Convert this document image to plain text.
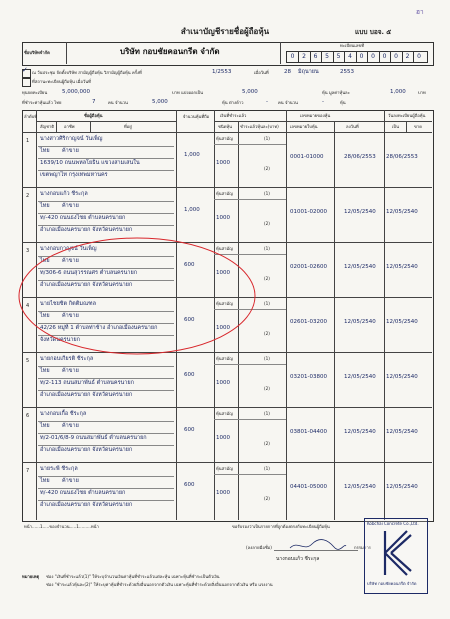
ฮา
สำเนาบัญชีรายชื่อผู้ถือหุ้น	แบบ บอจ. ๕
ชื่อบริษัทจำกัด	บริษัท กอบชัยคอนกรีต จำกัด
ทะเบียนเลขที่
0	2	6	5	5	4	0	0	0	0	2	0
✓ ณ วันประชุม จัดตั้งบริษัท สามัญผู้ถือหุ้น วิสามัญผู้ถือหุ้น ครั้งที่	1/2553	เมื่อวันที่	28 มิถุนายน	2553
ที่สถานะทะเบียนผู้ถือหุ้น เมื่อวันที่
ทุนจดทะเบียน	5,000,000	บาท แบ่งออกเป็น	5,000	หุ้น มูลค่าหุ้นละ	1,000	บาท
ที่ชำระค่าหุ้นแล้ว ไทย	7	คน จำนวน	5,000	หุ้น ต่างด้าว	- คน จำนวน	-	หุ้น
ลำดับที่	ชื่อผู้ถือหุ้น
สัญชาติ อาชีพ	ที่อยู่
จำนวนหุ้นที่ถือ	เงินที่ชำระแล้ว
ชนิดหุ้น ชำระแล้วหุ้นละ(บาท)
เลขหมายของหุ้น
เลขหมายใบหุ้น	ลงวันที่
วันลงทะเบียนผู้ถือหุ้น
เป็น	ขาด
1 นางสาวศิริกาญจน์ วันเพ็ญ
ไทย ค้าขาย
1639/10 ถนนพหลโยธิน แขวงสามเสนใน
เขตพญาไท กรุงเทพมหานคร
1,000
หุ้นสามัญ
1000
0001-01000	28/06/2553 28/06/2553
(1)
(2)
2 นางกอบแก้ว ชีระกุล
ไทย ค้าขาย
ท/-420 ถนนธงไชย ตำบลนครนายก
อำเภอเมืองนครนายก จังหวัดนครนายก
1,000
หุ้นสามัญ
1000
01001-02000	12/05/2540 12/05/2540
(1)
(2)
3 นางกอบกาญจน์ วันเพ็ญ
ไทย ค้าขาย
ท/306-6 ถนนสุวรรณศร ตำบลนครนายก
อำเภอเมืองนครนายก จังหวัดนครนายก
600
หุ้นสามัญ
1000
02001-02600	12/05/2540 12/05/2540
(1)
(2)
4 นายไชยชิต กิตติมณฑล
ไทย ค้าขาย
42/26 หมู่ที่ 1 ตำบลท่าช้าง อำเภอเมืองนครนายก
จังหวัดนครนายก
600
หุ้นสามัญ
1000
02601-03200	12/05/2540 12/05/2540
(1)
(2)
5 นายกอบเกียรติ ชีระกุล
ไทย ค้าขาย
ท/2-113 ถนนสมาพันธ์ ตำบลนครนายก
อำเภอเมืองนครนายก จังหวัดนครนายก
600
หุ้นสามัญ
1000
03201-03800	12/05/2540 12/05/2540
(1)
(2)
6 นางกอบเกื้อ ชีระกุล
ไทย ค้าขาย
ท/2-01/6/8-9 ถนนสมาพันธ์ ตำบลนครนายก
อำเภอเมืองนครนายก จังหวัดนครนายก
600
หุ้นสามัญ
1000
03801-04400	12/05/2540 12/05/2540
(1)
(2)
7 นายระพี ชีระกุล
ไทย ค้าขาย
ท/-420 ถนนธงไชย ตำบลนครนายก
อำเภอเมืองนครนายก จังหวัดนครนายก
600
หุ้นสามัญ
1000
04401-05000	12/05/2540 12/05/2540
(1)
(2)
หน้า......1.....ของจำนวน.....1.........หน้า	ขอรับรองว่าเป็นรายการที่ถูกต้องตรงกับทะเบียนผู้ถือหุ้น
(ลงลายมือชื่อ)	กรรมการ
นางกอบแก้ว ชีระกุล
Kobchai Concrete Co.,Ltd.
บริษัท กอบชัยคอนกรีต จำกัด
หมายเหตุ ช่อง "เงินที่ชำระแล้ว(1)" ให้ระบุจำนวนเงินค่าหุ้นที่ชำระแล้วแต่ละหุ้น เฉพาะหุ้นที่ชำระเป็นตัวเงิน
ช่อง "ชำระแล้วหุ้นละ(2)" ให้ระบุค่าหุ้นที่ชำระด้วยสิ่งอื่นนอกจากตัวเงิน เฉพาะหุ้นที่ชำระด้วยสิ่งอื่นนอกจากตัวเงิน หรือ แรงงาน
